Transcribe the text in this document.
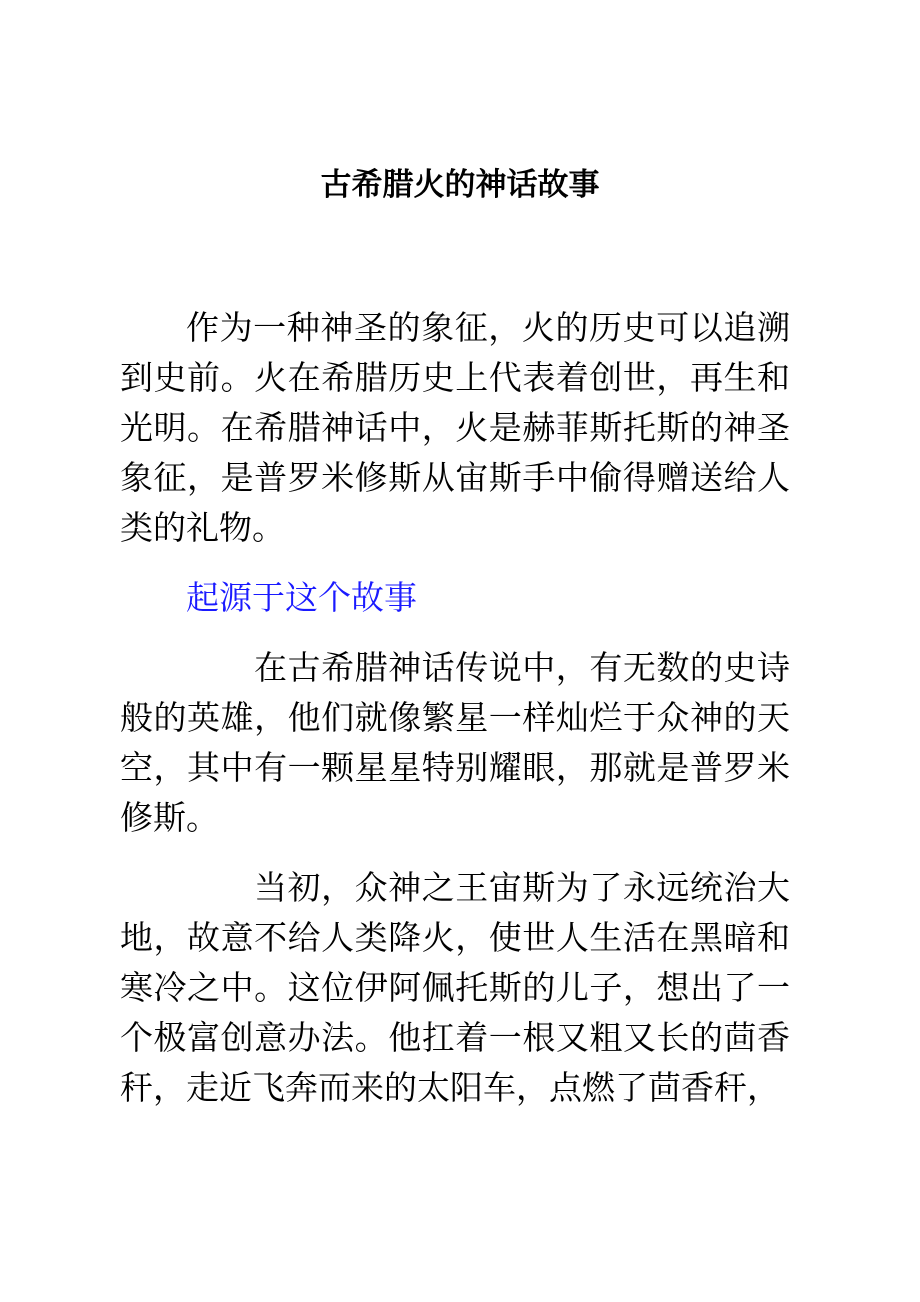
古希腊火的神话故事

作为一种神圣的象征，火的历史可以追溯到史前。火在希腊历史上代表着创世，再生和光明。在希腊神话中，火是赫菲斯托斯的神圣象征，是普罗米修斯从宙斯手中偷得赠送给人类的礼物。

起源于这个故事

在古希腊神话传说中，有无数的史诗般的英雄，他们就像繁星一样灿烂于众神的天空，其中有一颗星星特别耀眼，那就是普罗米修斯。

当初，众神之王宙斯为了永远统治大地，故意不给人类降火，使世人生活在黑暗和寒冷之中。这位伊阿佩托斯的儿子，想出了一个极富创意办法。他扛着一根又粗又长的茴香秆，走近飞奔而来的太阳车，点燃了茴香秆，
